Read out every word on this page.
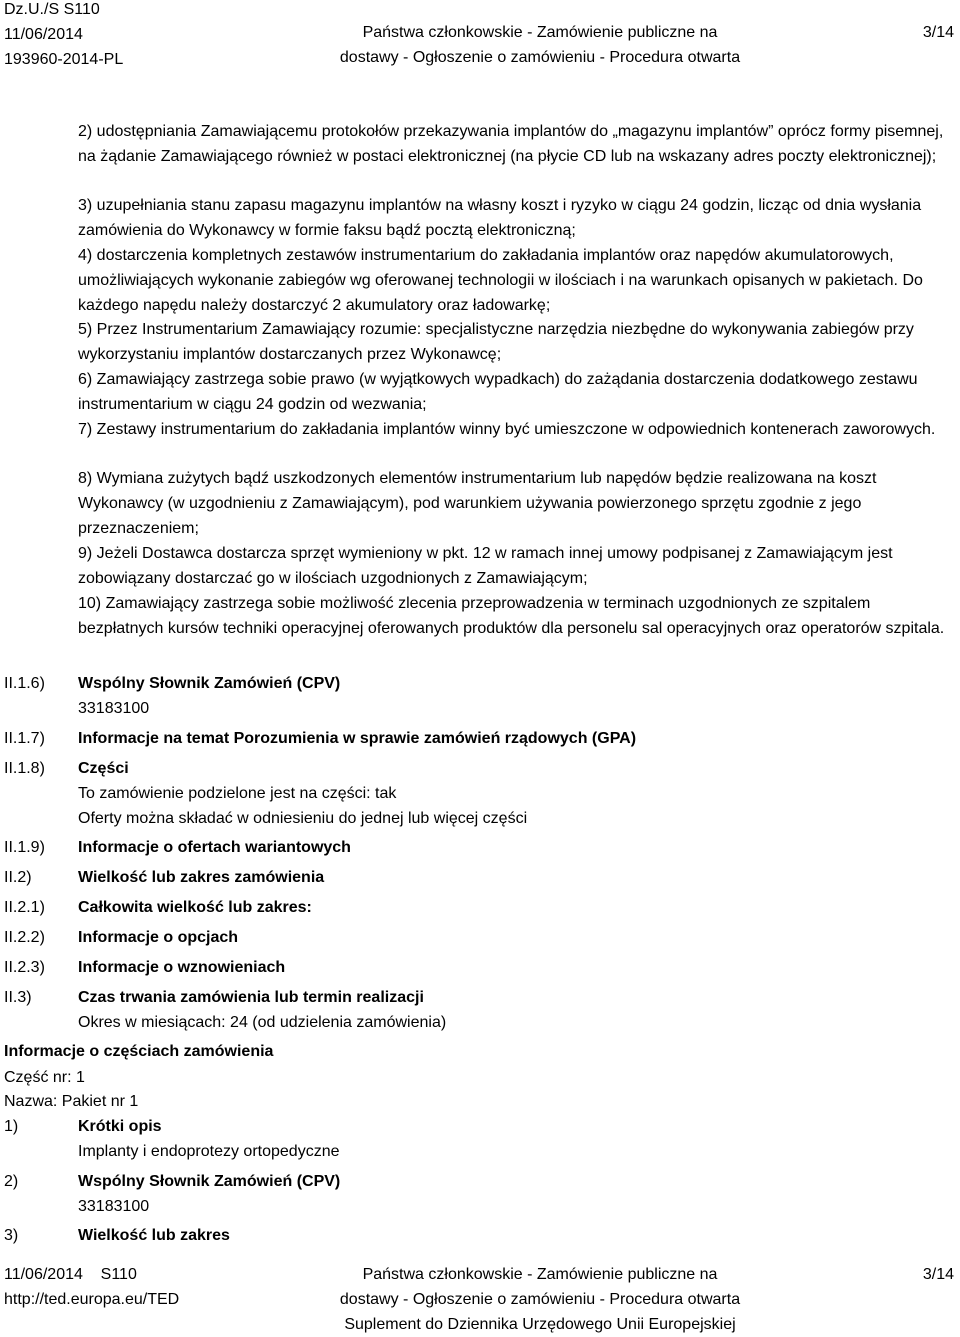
Dz.U./S S110
11/06/2014
193960-2014-PL
Państwa członkowskie - Zamówienie publiczne na
dostawy - Ogłoszenie o zamówieniu - Procedura otwarta
3/14

2) udostępniania Zamawiającemu protokołów przekazywania implantów do „magazynu implantów” oprócz formy pisemnej, na żądanie Zamawiającego również w postaci elektronicznej (na płycie CD lub na wskazany adres poczty elektronicznej);

3) uzupełniania stanu zapasu magazynu implantów na własny koszt i ryzyko w ciągu 24 godzin, licząc od dnia wysłania zamówienia do Wykonawcy w formie faksu bądź pocztą elektroniczną;

4) dostarczenia kompletnych zestawów instrumentarium do zakładania implantów oraz napędów akumulatorowych, umożliwiających wykonanie zabiegów wg oferowanej technologii w ilościach i na warunkach opisanych w pakietach. Do każdego napędu należy dostarczyć 2 akumulatory oraz ładowarkę;

5) Przez Instrumentarium Zamawiający rozumie: specjalistyczne narzędzia niezbędne do wykonywania zabiegów przy wykorzystaniu implantów dostarczanych przez Wykonawcę;

6) Zamawiający zastrzega sobie prawo (w wyjątkowych wypadkach) do zażądania dostarczenia dodatkowego zestawu instrumentarium w ciągu 24 godzin od wezwania;

7) Zestawy instrumentarium do zakładania implantów winny być umieszczone w odpowiednich kontenerach zaworowych.

8) Wymiana zużytych bądź uszkodzonych elementów instrumentarium lub napędów będzie realizowana na koszt Wykonawcy (w uzgodnieniu z Zamawiającym), pod warunkiem używania powierzonego sprzętu zgodnie z jego przeznaczeniem;

9) Jeżeli Dostawca dostarcza sprzęt wymieniony w pkt. 12 w ramach innej umowy podpisanej z Zamawiającym jest zobowiązany dostarczać go w ilościach uzgodnionych z Zamawiającym;

10) Zamawiający zastrzega sobie możliwość zlecenia przeprowadzenia w terminach uzgodnionych ze szpitalem bezpłatnych kursów techniki operacyjnej oferowanych produktów dla personelu sal operacyjnych oraz operatorów szpitala.

II.1.6) Wspólny Słownik Zamówień (CPV)
33183100
II.1.7) Informacje na temat Porozumienia w sprawie zamówień rządowych (GPA)
II.1.8) Części
To zamówienie podzielone jest na części: tak
Oferty można składać w odniesieniu do jednej lub więcej części
II.1.9) Informacje o ofertach wariantowych
II.2)	Wielkość lub zakres zamówienia
II.2.1) Całkowita wielkość lub zakres:
II.2.2) Informacje o opcjach
II.2.3) Informacje o wznowieniach
II.3)	Czas trwania zamówienia lub termin realizacji
Okres w miesiącach: 24 (od udzielenia zamówienia)
Informacje o częściach zamówienia
Część nr: 1
Nazwa: Pakiet nr 1
1)	Krótki opis
Implanty i endoprotezy ortopedyczne
2)	Wspólny Słownik Zamówień (CPV)
33183100
3)	Wielkość lub zakres
11/06/2014    S110
http://ted.europa.eu/TED
Państwa członkowskie - Zamówienie publiczne na
dostawy - Ogłoszenie o zamówieniu - Procedura otwarta
Suplement do Dziennika Urzędowego Unii Europejskiej
3/14
